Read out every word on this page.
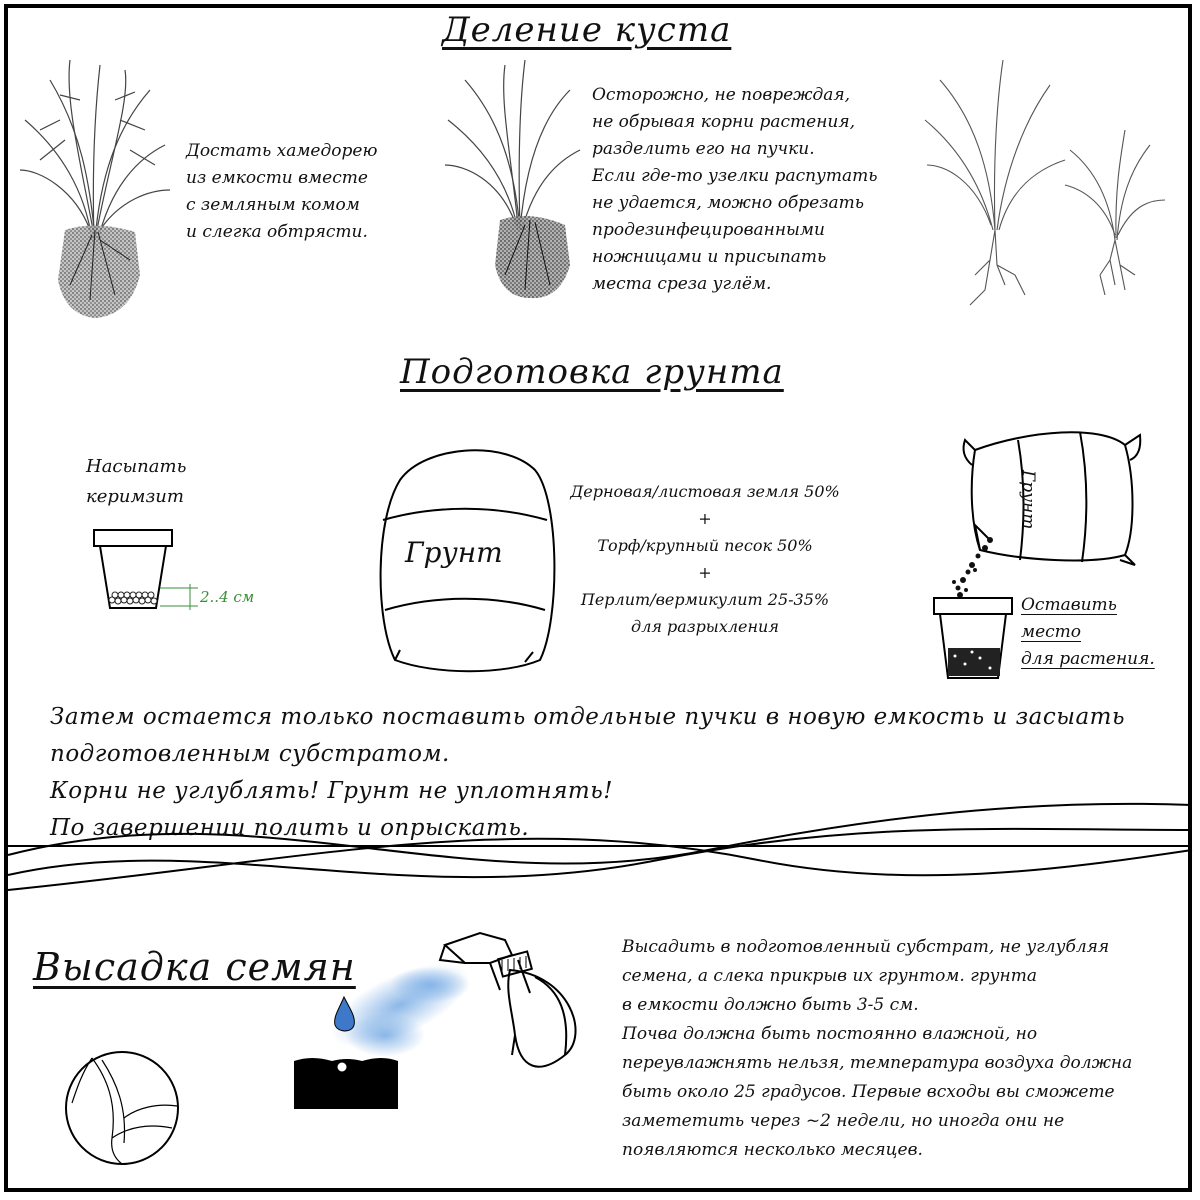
Деление куста
Достать хамедорею
из емкости вместе
с земляным комом
и слегка обтрясти.
Осторожно, не повреждая,
не обрывая корни растения,
разделить его на пучки.
Если где-то узелки распутать
не удается, можно обрезать
продезинфецированными
ножницами и присыпать
места среза углём.
Подготовка грунта
Насыпать
керимзит
2..4 см
Грунт
Дерновая/листовая земля 50%
+
Торф/крупный песок 50%
+
Перлит/вермикулит 25-35%
для разрыхления
Грунт
Оставить
место
для растения.
Затем остается только поставить отдельные пучки в новую емкость и засыать
подготовленным субстратом.
Корни не углублять! Грунт не уплотнять!
По завершении полить и опрыскать.
Высадка семян	Высадить в подготовленный субстрат, не углубляя
семена, а слека прикрыв их грунтом. грунта
в емкости должно быть 3-5 см.
Почва должна быть постоянно влажной, но
переувлажнять нельзя, температура воздуха должна
быть около 25 градусов. Первые всходы вы сможете
замететить через ~2 недели, но иногда они не
появляются несколько месяцев.
